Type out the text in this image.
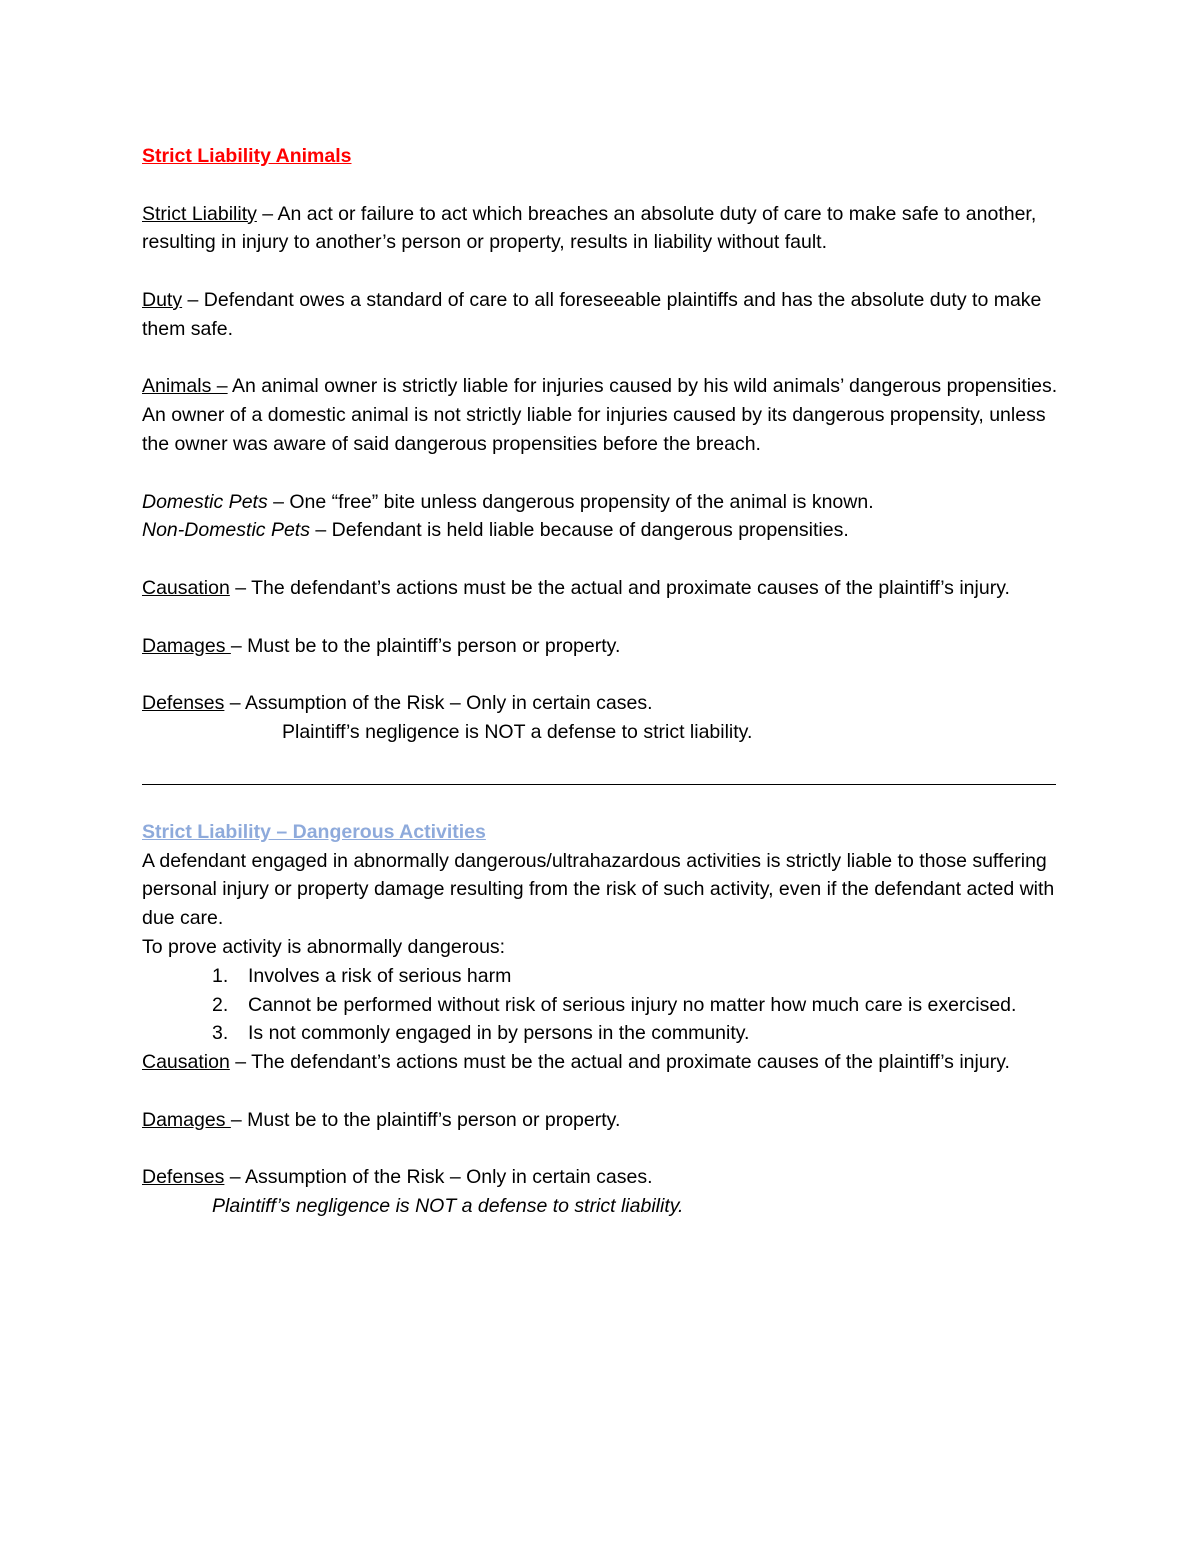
Strict Liability Animals

Strict Liability – An act or failure to act which breaches an absolute duty of care to make safe to another, resulting in injury to another’s person or property, results in liability without fault.

Duty – Defendant owes a standard of care to all foreseeable plaintiffs and has the absolute duty to make them safe.

Animals – An animal owner is strictly liable for injuries caused by his wild animals’ dangerous propensities. An owner of a domestic animal is not strictly liable for injuries caused by its dangerous propensity, unless the owner was aware of said dangerous propensities before the breach.

Domestic Pets – One “free” bite unless dangerous propensity of the animal is known.

Non-Domestic Pets – Defendant is held liable because of dangerous propensities.

Causation – The defendant’s actions must be the actual and proximate causes of the plaintiff’s injury.

Damages – Must be to the plaintiff’s person or property.

Defenses – Assumption of the Risk – Only in certain cases.

Plaintiff’s negligence is NOT a defense to strict liability.

Strict Liability – Dangerous Activities

A defendant engaged in abnormally dangerous/ultrahazardous activities is strictly liable to those suffering personal injury or property damage resulting from the risk of such activity, even if the defendant acted with due care.

To prove activity is abnormally dangerous:

1. Involves a risk of serious harm
2. Cannot be performed without risk of serious injury no matter how much care is exercised.
3. Is not commonly engaged in by persons in the community.

Causation – The defendant’s actions must be the actual and proximate causes of the plaintiff’s injury.

Damages – Must be to the plaintiff’s person or property.

Defenses – Assumption of the Risk – Only in certain cases.

Plaintiff’s negligence is NOT a defense to strict liability.
